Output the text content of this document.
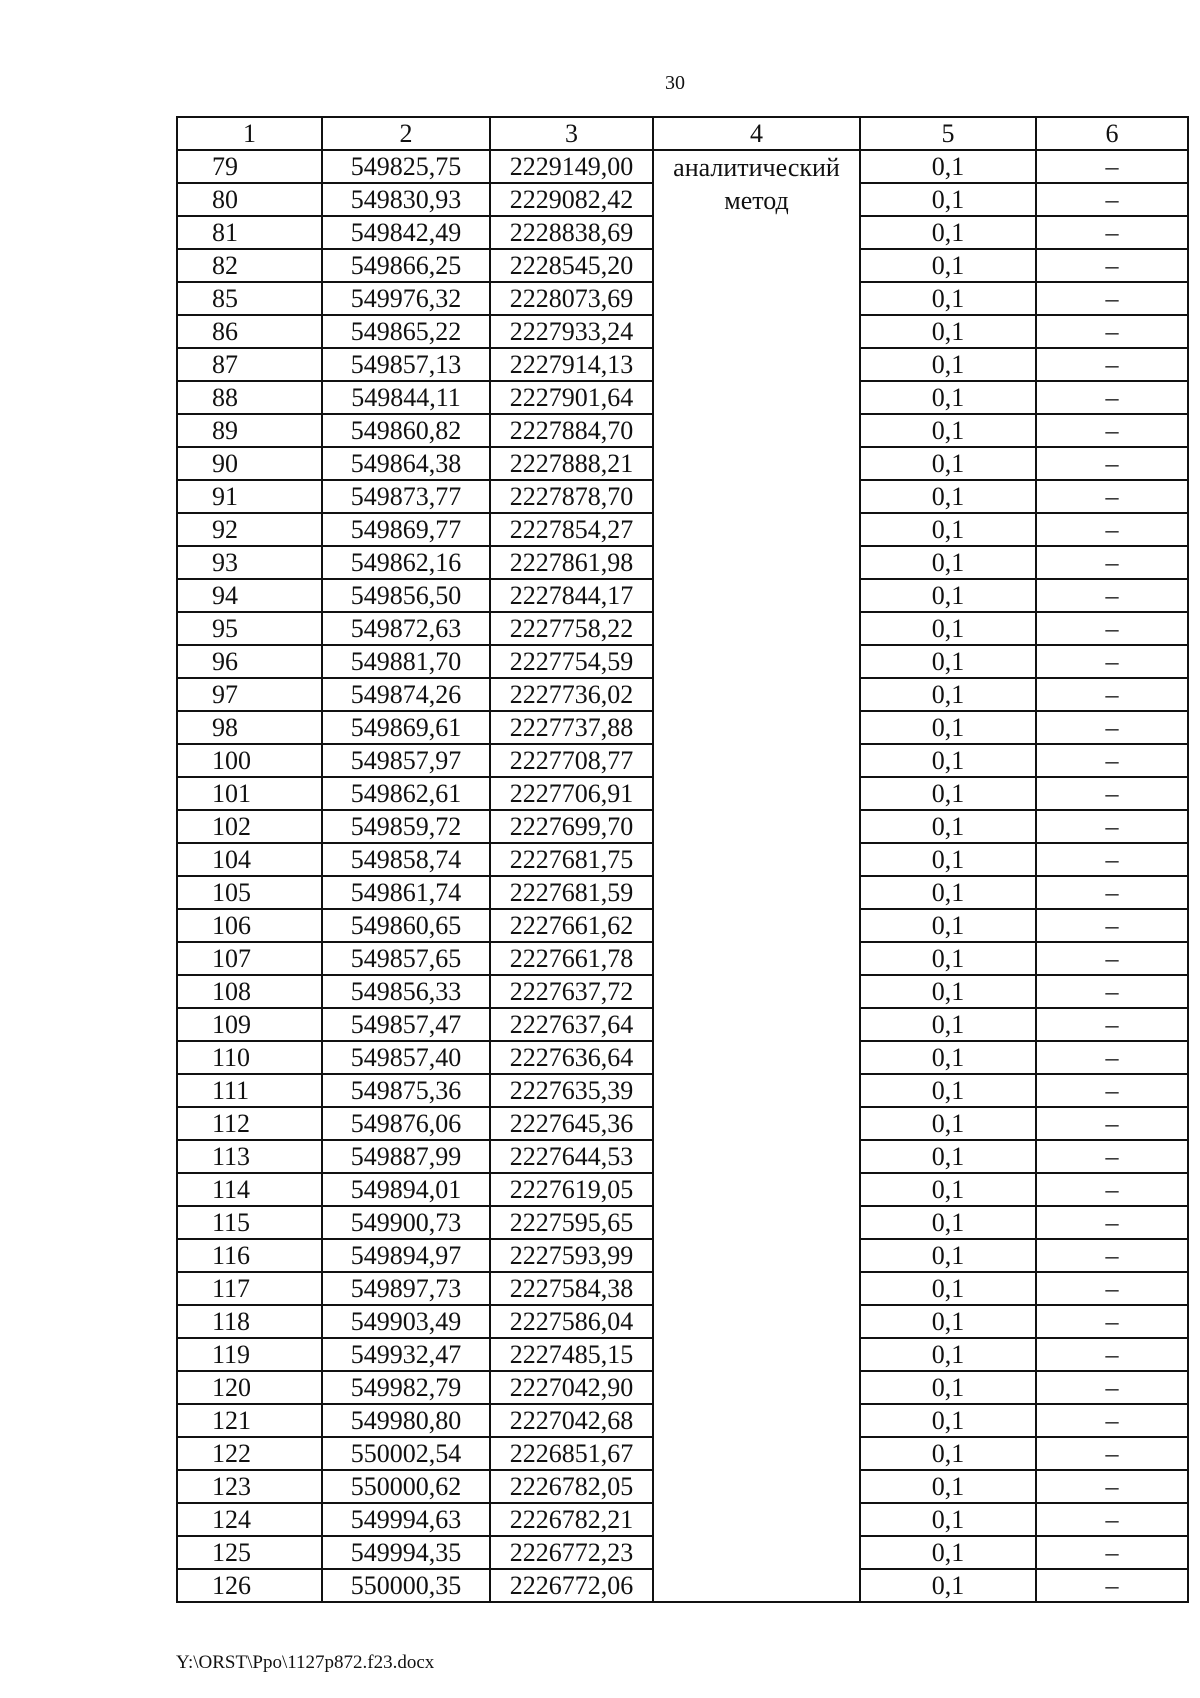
30
1	2	3	4	5	6
79	549825,75	2229149,00	аналитический метод	0,1	–
80	549830,93	2229082,42		0,1	–
81	549842,49	2228838,69		0,1	–
82	549866,25	2228545,20		0,1	–
85	549976,32	2228073,69		0,1	–
86	549865,22	2227933,24		0,1	–
87	549857,13	2227914,13		0,1	–
88	549844,11	2227901,64		0,1	–
89	549860,82	2227884,70		0,1	–
90	549864,38	2227888,21		0,1	–
91	549873,77	2227878,70		0,1	–
92	549869,77	2227854,27		0,1	–
93	549862,16	2227861,98		0,1	–
94	549856,50	2227844,17		0,1	–
95	549872,63	2227758,22		0,1	–
96	549881,70	2227754,59		0,1	–
97	549874,26	2227736,02		0,1	–
98	549869,61	2227737,88		0,1	–
100	549857,97	2227708,77		0,1	–
101	549862,61	2227706,91		0,1	–
102	549859,72	2227699,70		0,1	–
104	549858,74	2227681,75		0,1	–
105	549861,74	2227681,59		0,1	–
106	549860,65	2227661,62		0,1	–
107	549857,65	2227661,78		0,1	–
108	549856,33	2227637,72		0,1	–
109	549857,47	2227637,64		0,1	–
110	549857,40	2227636,64		0,1	–
111	549875,36	2227635,39		0,1	–
112	549876,06	2227645,36		0,1	–
113	549887,99	2227644,53		0,1	–
114	549894,01	2227619,05		0,1	–
115	549900,73	2227595,65		0,1	–
116	549894,97	2227593,99		0,1	–
117	549897,73	2227584,38		0,1	–
118	549903,49	2227586,04		0,1	–
119	549932,47	2227485,15		0,1	–
120	549982,79	2227042,90		0,1	–
121	549980,80	2227042,68		0,1	–
122	550002,54	2226851,67		0,1	–
123	550000,62	2226782,05		0,1	–
124	549994,63	2226782,21		0,1	–
125	549994,35	2226772,23		0,1	–
126	550000,35	2226772,06		0,1	–
Y:\ORST\Ppo\1127p872.f23.docx
